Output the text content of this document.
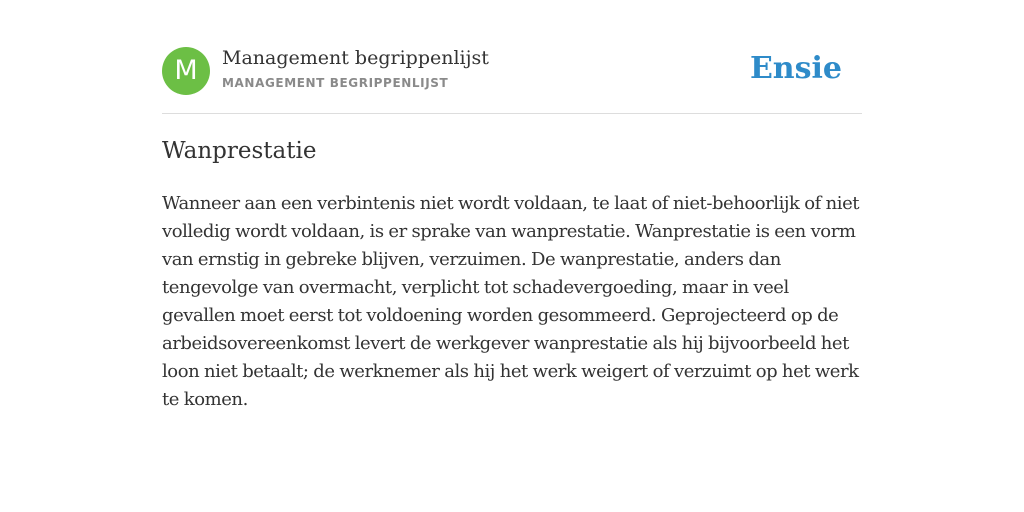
M	Management begrippenlijst
MANAGEMENT BEGRIPPENLIJST	Ensie
Wanprestatie

Wanneer aan een verbintenis niet wordt voldaan, te laat of niet-behoorlijk of niet volledig wordt voldaan, is er sprake van wanprestatie. Wanprestatie is een vorm van ernstig in gebreke blijven, verzuimen. De wanprestatie, anders dan tengevolge van overmacht, verplicht tot schadevergoeding, maar in veel gevallen moet eerst tot voldoening worden gesommeerd. Geprojecteerd op de arbeidsovereenkomst levert de werkgever wanprestatie als hij bijvoorbeeld het loon niet betaalt; de werknemer als hij het werk weigert of verzuimt op het werk te komen.
